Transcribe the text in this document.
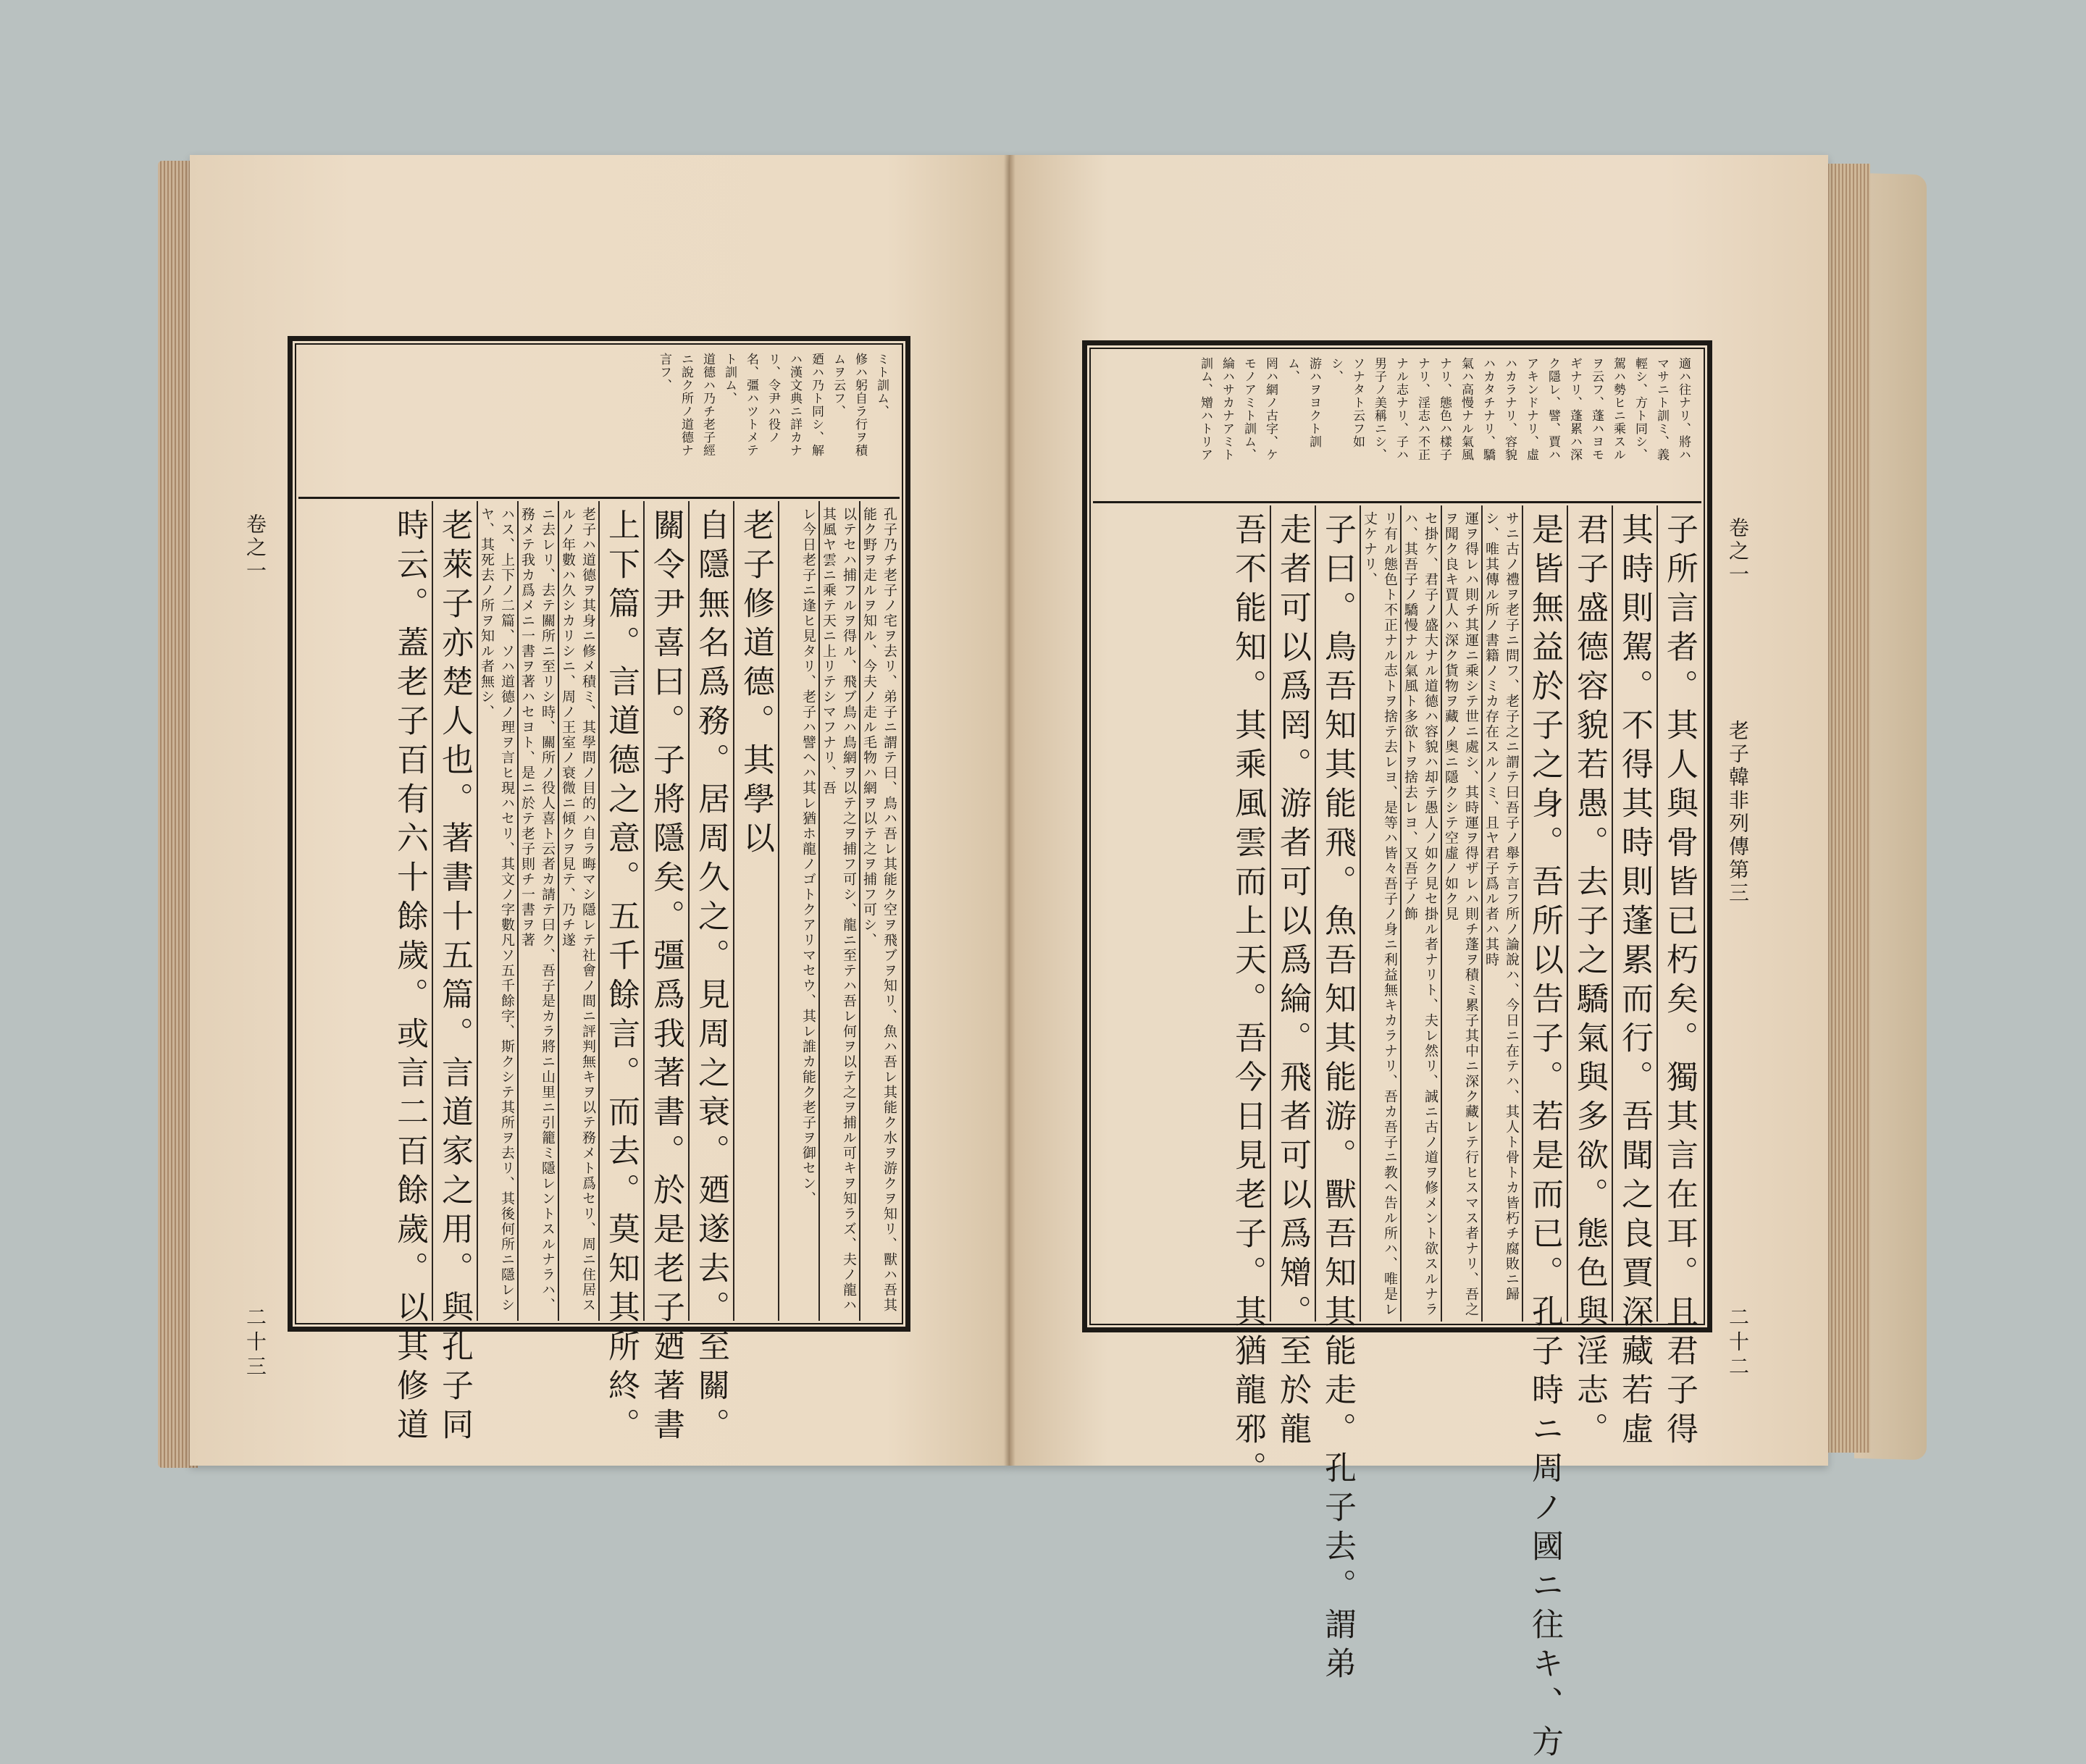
卷之一
二十三
ミト訓ム、
修ハ躬自ラ行ヲ積
ムヲ云フ、
廼ハ乃ト同シ、解
ハ漢文典ニ詳カナ
リ、令尹ハ役ノ
名、彊ハツトメテ
ト訓ム、
道德ハ乃チ老子經
ニ說ク所ノ道德ナ
言フ、
孔子乃チ老子ノ宅ヲ去リ、弟子ニ謂テ曰、鳥ハ吾レ其能ク空ヲ飛ブヲ知リ、魚ハ吾レ其能ク水ヲ游クヲ知リ、獸ハ吾其能ク野ヲ走ルヲ知ル、今夫ノ走ル毛物ハ網ヲ以テ之ヲ捕フ可シ、
以テセハ捕フルヲ得ル、飛ブ鳥ハ鳥網ヲ以テ之ヲ捕フ可シ、龍ニ至テハ吾レ何ヲ以テ之ヲ捕ル可キヲ知ラズ、夫ノ龍ハ其風ヤ雲ニ乘テ天ニ上リテシマフナリ、吾
レ今日老子ニ逢ヒ見タリ、老子ハ譬ヘハ其レ猶ホ龍ノゴトクアリマセウ、其レ誰カ能ク老子ヲ御セン、
老子修道德。其學以
自隱無名爲務。居周久之。見周之衰。廼遂去。至關。
關令尹喜曰。子將隱矣。彊爲我著書。於是老子廼著書
上下篇。言道德之意。五千餘言。而去。莫知其所終。
老子ハ道德ヲ其身ニ修メ積ミ、其學問ノ目的ハ自ラ晦マシ隱レテ社會ノ間ニ評判無キヲ以テ務メト爲セリ、周ニ住居スルノ年數ハ久シカリシニ、周ノ王室ノ衰微ニ傾クヲ見テ、乃チ遂
ニ去レリ、去テ關所ニ至リシ時、關所ノ役人喜ト云者カ請テ曰ク、吾子是カラ將ニ山里ニ引籠ミ隱レントスルナラハ、務メテ我カ爲メニ一書ヲ著ハセヨト、是ニ於テ老子則チ一書ヲ著
ハス、上下ノ二篇、ソハ道德ノ理ヲ言ヒ現ハセリ、其文ノ字數凡ソ五千餘字、斯クシテ其所ヲ去リ、其後何所ニ隱レシヤ、其死去ノ所ヲ知ル者無シ、
老萊子亦楚人也。著書十五篇。言道家之用。與孔子同
時云。蓋老子百有六十餘歲。或言二百餘歲。以其修道	卷之一
老子韓非列傳第三
二十二
適ハ往ナリ、將ハ
マサニト訓ミ、義
輕シ、方ト同シ、
駕ハ勢ヒニ乘スル
ヲ云フ、蓬ハヨモ
ギナリ、蓬累ハ深
ク隱レ、譬、賈ハ
アキンドナリ、虛
ハカラナリ、容貌
ハカタチナリ、驕
氣ハ高慢ナル氣風
ナリ、態色ハ樣子
ナリ、淫志ハ不正
ナル志ナリ、子ハ
男子ノ美稱ニシ、
ソナタト云フ如
シ、
游ハヲヨクト訓
ム、
罔ハ網ノ古字、ケ
モノアミト訓ム、
綸ハサカナアミト
訓ム、矰ハトリア
子所言者。其人與骨皆已朽矣。獨其言在耳。且君子得
其時則駕。不得其時則蓬累而行。吾聞之良賈深藏若虛
君子盛德容貌若愚。去子之驕氣與多欲。態色與淫志。
是皆無益於子之身。吾所以告子。若是而已。孔子時ニ周ノ國ニ往キ、方
サニ古ノ禮ヲ老子ニ問フ、老子之ニ謂テ曰吾子ノ舉テ言フ所ノ論說ハ、今日ニ在テハ、其人ト骨トカ皆朽チ腐敗ニ歸シ、唯其傳ル所ノ書籍ノミカ存在スルノミ、且ヤ君子爲ル者ハ其時
運ヲ得レハ則チ其運ニ乘シテ世ニ處シ、其時運ヲ得ザレハ則チ蓬ヲ積ミ累子其中ニ深ク藏レテ行ヒスマス者ナリ、吾之ヲ聞ク良キ賈人ハ深ク貨物ヲ藏ノ奥ニ隱クシテ空虛ノ如ク見
セ掛ケ、君子ノ盛大ナル道德ハ容貌ハ却テ愚人ノ如ク見セ掛ル者ナリト、夫レ然リ、誠ニ古ノ道ヲ修メント欲スルナラハ、其吾子ノ驕慢ナル氣風ト多欲トヲ捨去レヨ、又吾子ノ飾
リ有ル態色ト不正ナル志トヲ捨テ去レヨ、是等ハ皆々吾子ノ身ニ利益無キカラナリ、吾カ吾子ニ教ヘ告ル所ハ、唯是レ丈ケナリ、
子曰。鳥吾知其能飛。魚吾知其能游。獸吾知其能走。孔子去。謂弟
走者可以爲罔。游者可以爲綸。飛者可以爲矰。至於龍
吾不能知。其乘風雲而上天。吾今日見老子。其猶龍邪。
